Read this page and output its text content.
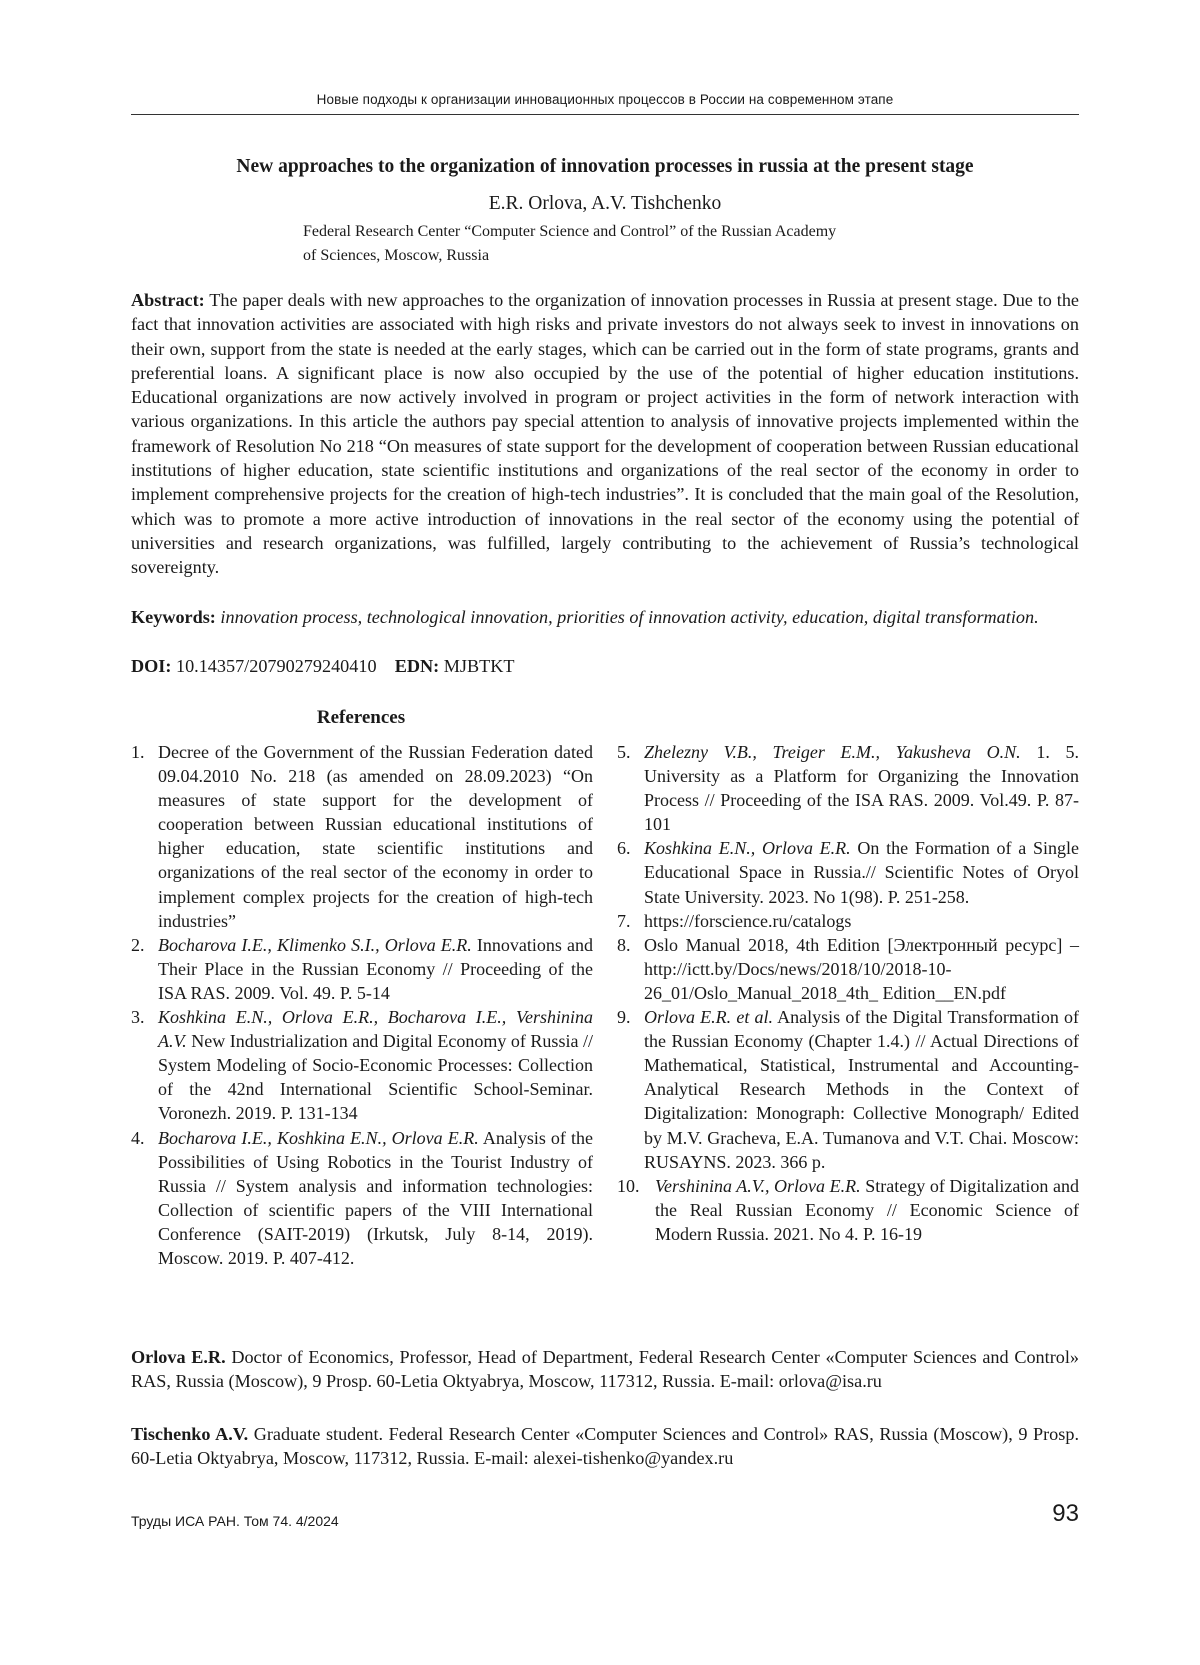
Новые подходы к организации инновационных процессов в России на современном этапе
New approaches to the organization of innovation processes in russia at the present stage
E.R. Orlova, A.V. Tishchenko
Federal Research Center “Computer Science and Control” of the Russian Academy
of Sciences, Moscow, Russia
Abstract: The paper deals with new approaches to the organization of innovation processes in Russia at present stage. Due to the fact that innovation activities are associated with high risks and private investors do not always seek to invest in innovations on their own, support from the state is needed at the early stages, which can be carried out in the form of state programs, grants and preferential loans. A significant place is now also occupied by the use of the potential of higher education institutions. Educational organizations are now actively involved in program or project activities in the form of network interaction with various organizations. In this article the authors pay special attention to analysis of innovative projects implemented within the framework of Resolution No 218 “On measures of state support for the development of cooperation between Russian educational institutions of higher education, state scientific institutions and organizations of the real sector of the economy in order to implement comprehensive projects for the creation of high-tech industries”. It is concluded that the main goal of the Resolution, which was to promote a more active introduction of innovations in the real sector of the economy using the potential of universities and research organizations, was fulfilled, largely contributing to the achievement of Russia’s technological sovereignty.
Keywords: innovation process, technological innovation, priorities of innovation activity, education, digital transformation.
DOI: 10.14357/20790279240410 EDN: MJBTKT
References
1. Decree of the Government of the Russian Federation dated 09.04.2010 No. 218 (as amended on 28.09.2023) “On measures of state support for the development of cooperation between Russian educational institutions of higher education, state scientific institutions and organizations of the real sector of the economy in order to implement complex projects for the creation of high-tech industries”
2. Bocharova I.E., Klimenko S.I., Orlova E.R. Innovations and Their Place in the Russian Economy // Proceeding of the ISA RAS. 2009. Vol. 49. P. 5-14
3. Koshkina E.N., Orlova E.R., Bocharova I.E., Vershinina A.V. New Industrialization and Digital Economy of Russia // System Modeling of Socio-Economic Processes: Collection of the 42nd International Scientific School-Seminar. Voronezh. 2019. P. 131-134
4. Bocharova I.E., Koshkina E.N., Orlova E.R. Analysis of the Possibilities of Using Robotics in the Tourist Industry of Russia // System analysis and information technologies: Collection of scientific papers of the VIII International Conference (SAIT-2019) (Irkutsk, July 8-14, 2019). Moscow. 2019. P. 407-412.
5. Zhelezny V.B., Treiger E.M., Yakusheva O.N. 1. 5. University as a Platform for Organizing the Innovation Process // Proceeding of the ISA RAS. 2009. Vol.49. P. 87-101
6. Koshkina E.N., Orlova E.R. On the Formation of a Single Educational Space in Russia.// Scientific Notes of Oryol State University. 2023. No 1(98). P. 251-258.
7. https://forscience.ru/catalogs
8. Oslo Manual 2018, 4th Edition [Электронный ресурс] – http://ictt.by/Docs/news/2018/10/2018-10-26_01/Oslo_Manual_2018_4th_ Edition__EN.pdf
9. Orlova E.R. et al. Analysis of the Digital Transformation of the Russian Economy (Chapter 1.4.) // Actual Directions of Mathematical, Statistical, Instrumental and Accounting-Analytical Research Methods in the Context of Digitalization: Monograph: Collective Monograph/ Edited by M.V. Gracheva, E.A. Tumanova and V.T. Chai. Moscow: RUSAYNS. 2023. 366 p.
10. Vershinina A.V., Orlova E.R. Strategy of Digitalization and the Real Russian Economy // Economic Science of Modern Russia. 2021. No 4. P. 16-19
Orlova E.R. Doctor of Economics, Professor, Head of Department, Federal Research Center «Computer Sciences and Control» RAS, Russia (Moscow), 9 Prosp. 60-Letia Oktyabrya, Moscow, 117312, Russia. E-mail: orlova@isa.ru
Tischenko A.V. Graduate student. Federal Research Center «Computer Sciences and Control» RAS, Russia (Moscow), 9 Prosp. 60-Letia Oktyabrya, Moscow, 117312, Russia. E-mail: alexei-tishenko@yandex.ru
Труды ИСА РАН. Том 74. 4/2024	93
